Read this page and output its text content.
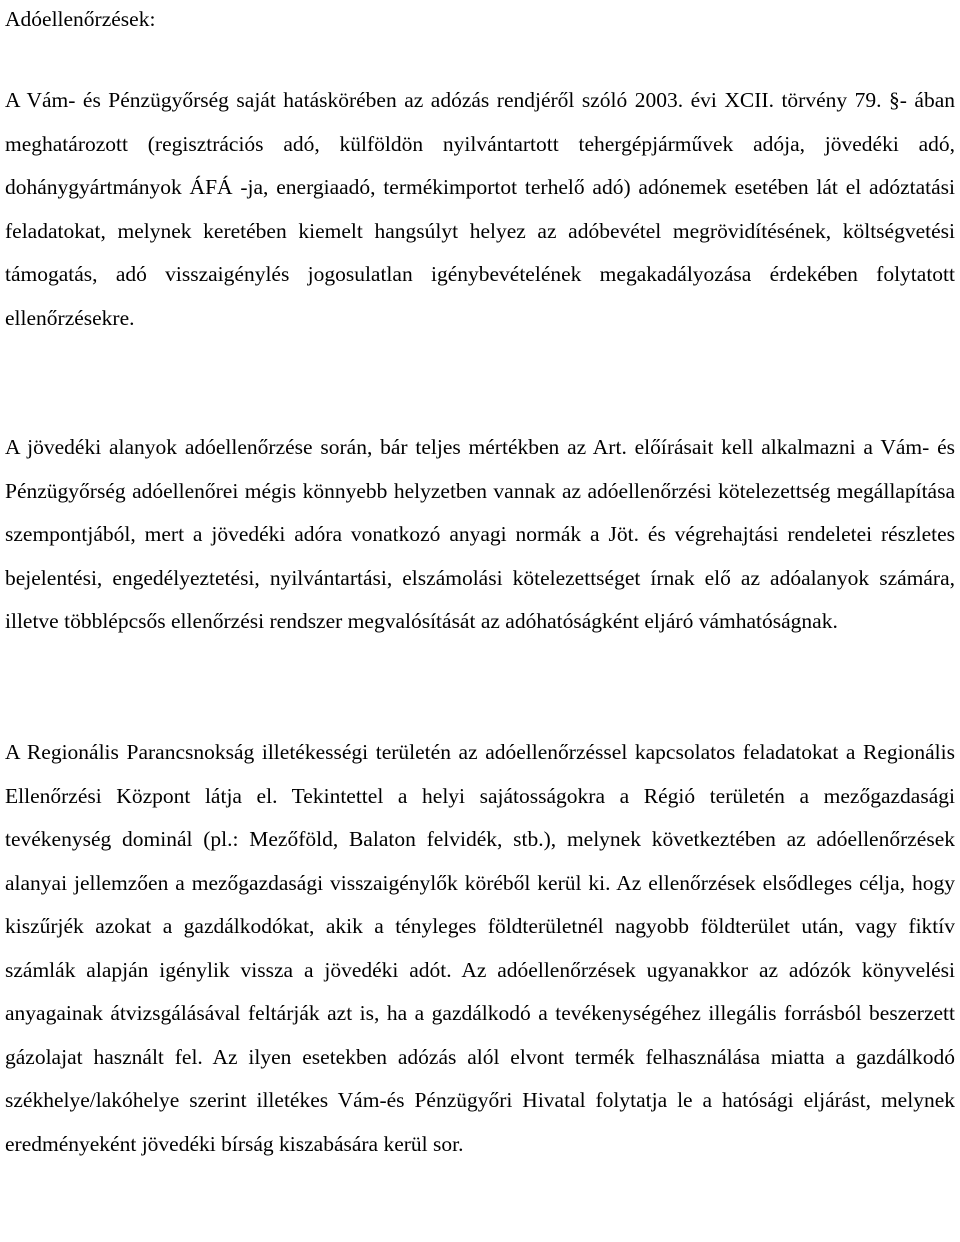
Adóellenőrzések:

A Vám- és Pénzügyőrség saját hatáskörében az adózás rendjéről szóló 2003. évi XCII. törvény 79. §- ában meghatározott (regisztrációs adó, külföldön nyilvántartott tehergépjárművek adója, jövedéki adó, dohánygyártmányok ÁFÁ -ja, energiaadó, termékimportot terhelő adó) adónemek esetében lát el adóztatási feladatokat, melynek keretében kiemelt hangsúlyt helyez az adóbevétel megrövidítésének, költségvetési támogatás, adó visszaigénylés jogosulatlan igénybevételének megakadályozása érdekében folytatott ellenőrzésekre.

A jövedéki alanyok adóellenőrzése során, bár teljes mértékben az Art. előírásait kell alkalmazni a Vám- és Pénzügyőrség adóellenőrei mégis könnyebb helyzetben vannak az adóellenőrzési kötelezettség megállapítása szempontjából, mert a jövedéki adóra vonatkozó anyagi normák a Jöt. és végrehajtási rendeletei részletes bejelentési, engedélyeztetési, nyilvántartási, elszámolási kötelezettséget írnak elő az adóalanyok számára, illetve többlépcsős ellenőrzési rendszer megvalósítását az adóhatóságként eljáró vámhatóságnak.

A Regionális Parancsnokság illetékességi területén az adóellenőrzéssel kapcsolatos feladatokat a Regionális Ellenőrzési Központ látja el. Tekintettel a helyi sajátosságokra a Régió területén a mezőgazdasági tevékenység dominál (pl.: Mezőföld, Balaton felvidék, stb.), melynek következtében az adóellenőrzések alanyai jellemzően a mezőgazdasági visszaigénylők köréből kerül ki. Az ellenőrzések elsődleges célja, hogy kiszűrjék azokat a gazdálkodókat, akik a tényleges földterületnél nagyobb földterület után, vagy fiktív számlák alapján igénylik vissza a jövedéki adót. Az adóellenőrzések ugyanakkor az adózók könyvelési anyagainak átvizsgálásával feltárják azt is, ha a gazdálkodó a tevékenységéhez illegális forrásból beszerzett gázolajat használt fel. Az ilyen esetekben adózás alól elvont termék felhasználása miatta a gazdálkodó székhelye/lakóhelye szerint illetékes Vám-és Pénzügyőri Hivatal folytatja le a hatósági eljárást, melynek eredményeként jövedéki bírság kiszabására kerül sor.
